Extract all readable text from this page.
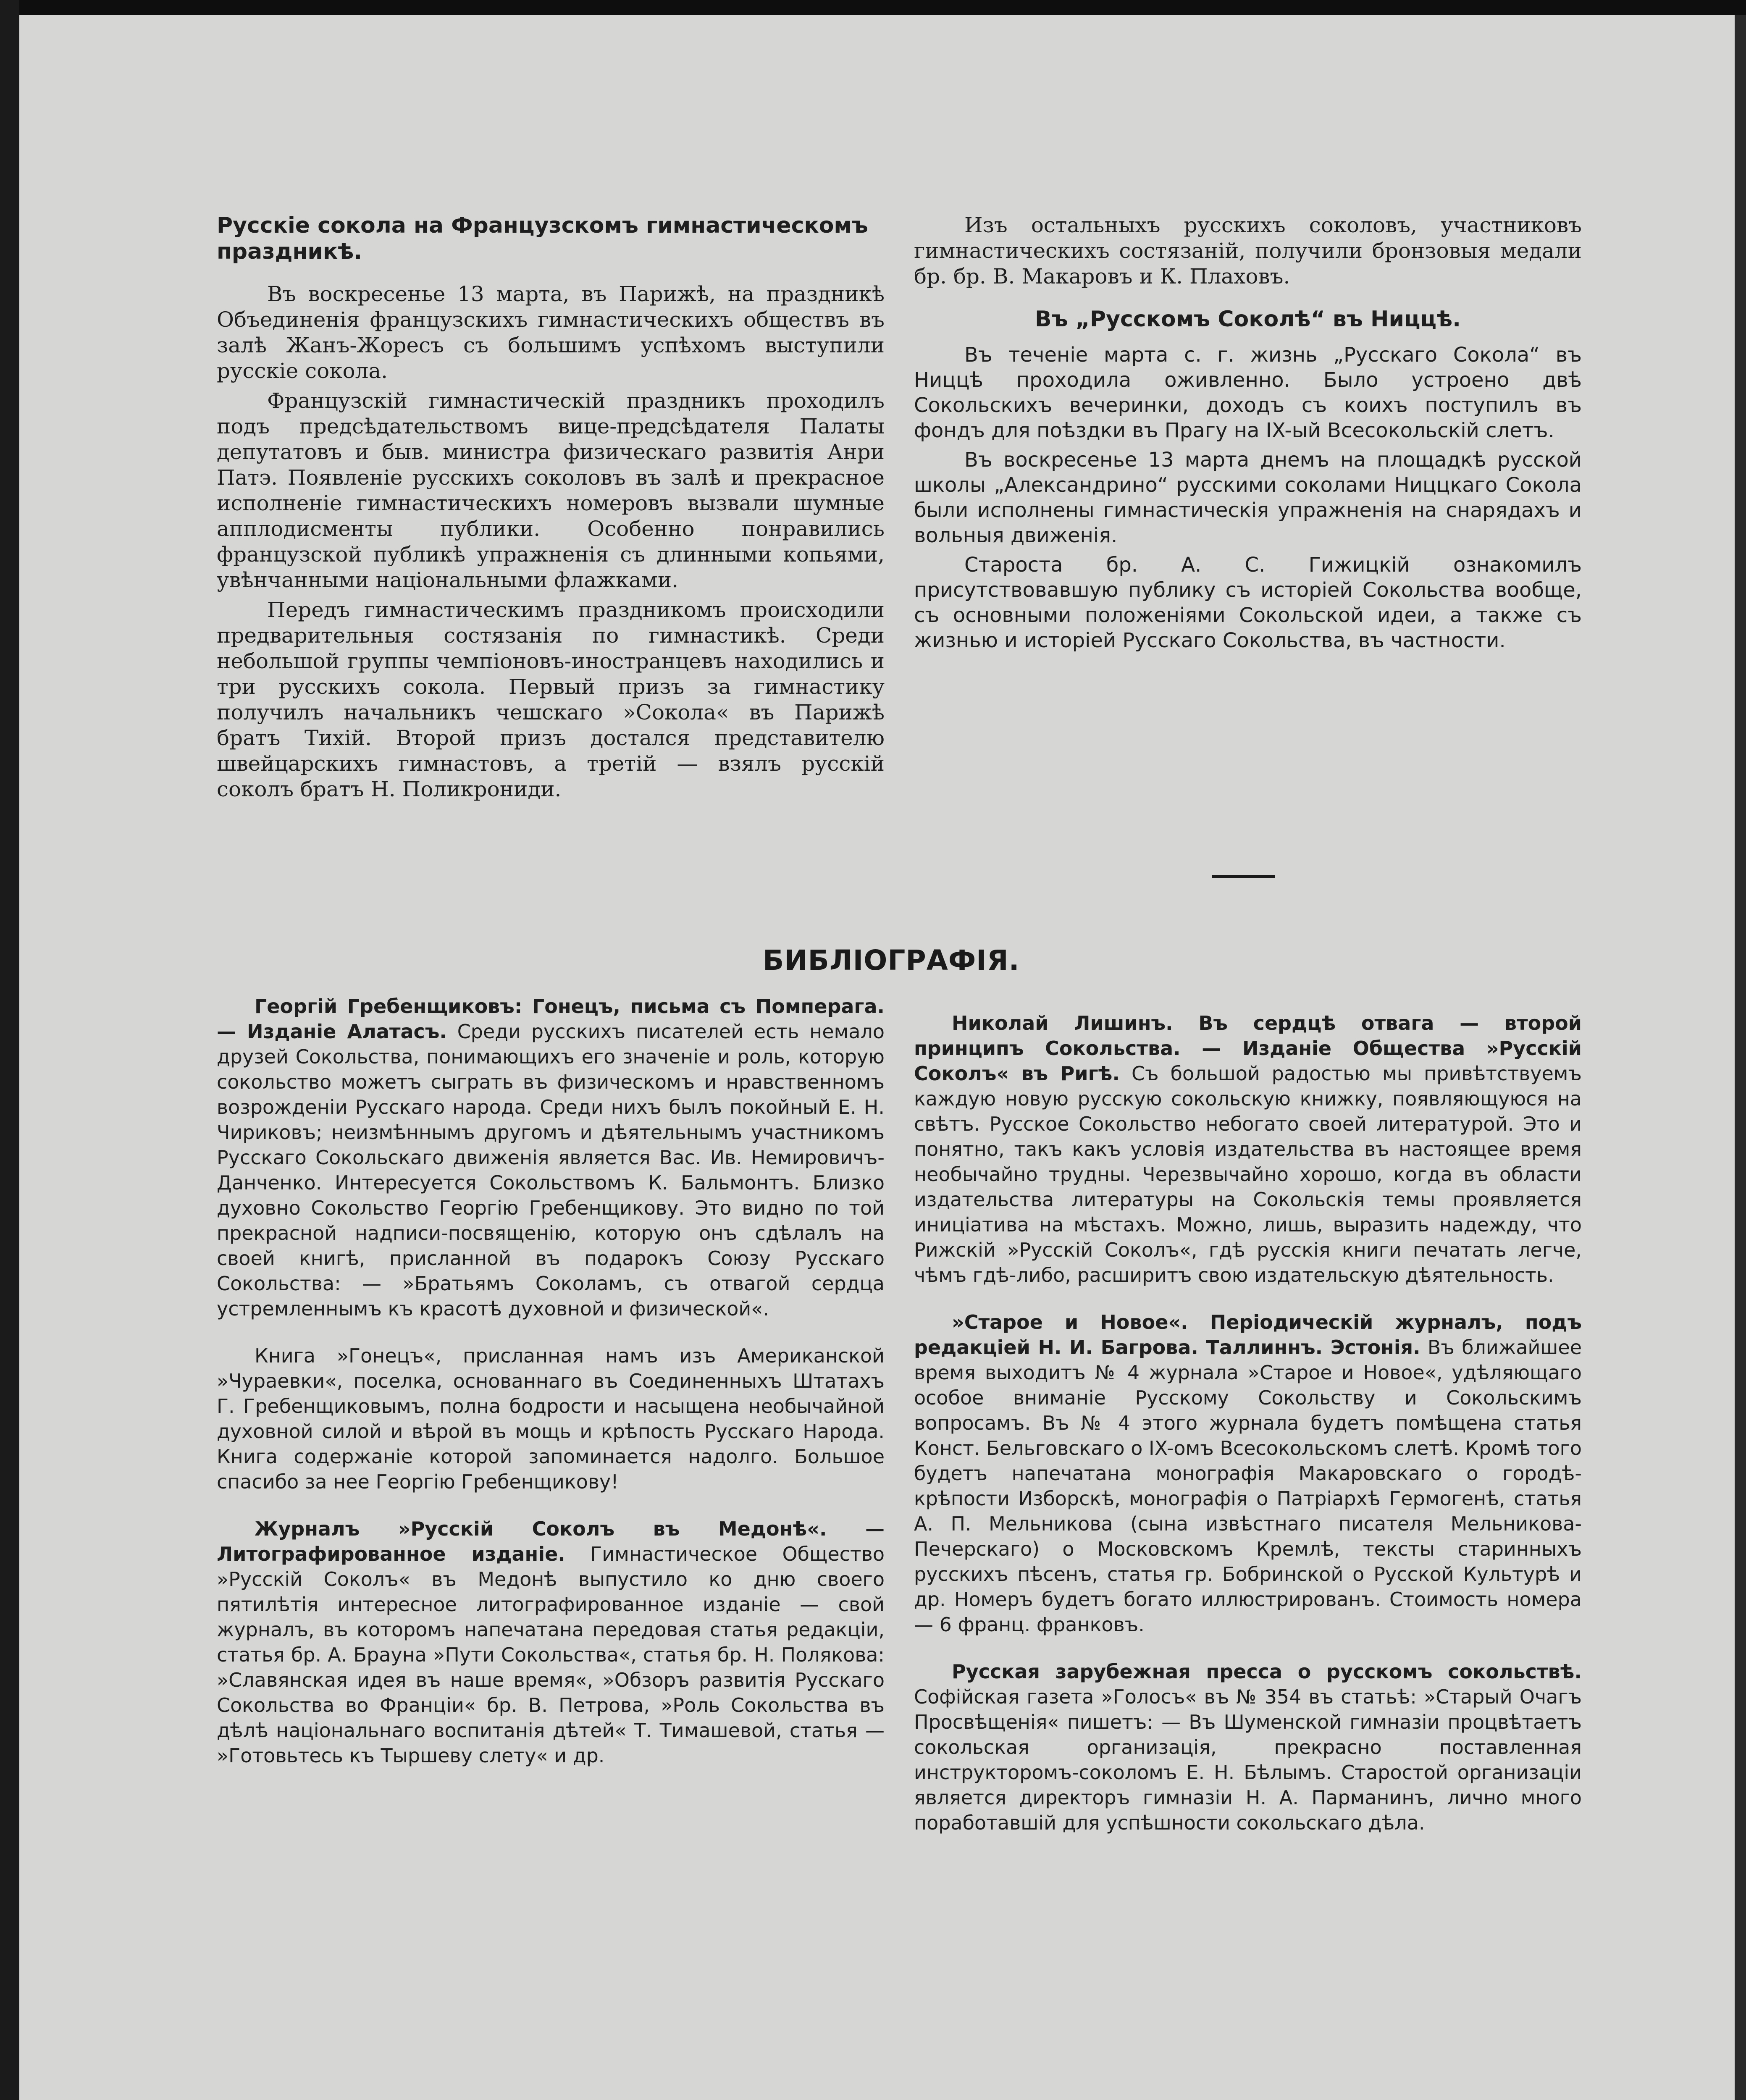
Русскіе сокола на Французскомъ гимнастическомъ праздникѣ.

Въ воскресенье 13 марта, въ Парижѣ, на праздникѣ Объединенія французскихъ гимнастическихъ обществъ въ залѣ Жанъ-Жоресъ съ большимъ успѣхомъ выступили русскіе сокола.

Французскій гимнастическій праздникъ проходилъ подъ предсѣдательствомъ вице-предсѣдателя Палаты депутатовъ и быв. министра физическаго развитія Анри Патэ. Появленіе русскихъ соколовъ въ залѣ и прекрасное исполненіе гимнастическихъ номеровъ вызвали шумные апплодисменты публики. Особенно понравились французской публикѣ упражненія съ длинными копьями, увѣнчанными національными флажками.

Передъ гимнастическимъ праздникомъ происходили предварительныя состязанія по гимнастикѣ. Среди небольшой группы чемпіоновъ-иностранцевъ находились и три русскихъ сокола. Первый призъ за гимнастику получилъ начальникъ чешскаго »Сокола« въ Парижѣ братъ Тихій. Второй призъ достался представителю швейцарскихъ гимнастовъ, а третій — взялъ русскій соколъ братъ Н. Поликрониди.

Изъ остальныхъ русскихъ соколовъ, участниковъ гимнастическихъ состязаній, получили бронзовыя медали бр. бр. В. Макаровъ и К. Плаховъ.

Въ „Русскомъ Соколѣ“ въ Ниццѣ.

Въ теченіе марта с. г. жизнь „Русскаго Сокола“ въ Ниццѣ проходила оживленно. Было устроено двѣ Сокольскихъ вечеринки, доходъ съ коихъ поступилъ въ фондъ для поѣздки въ Прагу на IX-ый Всесокольскій слетъ.

Въ воскресенье 13 марта днемъ на площадкѣ русской школы „Александрино“ русскими соколами Ниццкаго Сокола были исполнены гимнастическія упражненія на снарядахъ и вольныя движенія.

Староста бр. А. С. Гижицкій ознакомилъ присутствовавшую публику съ исторіей Сокольства вообще, съ основными положеніями Сокольской идеи, а также съ жизнью и исторіей Русскаго Сокольства, въ частности.

БИБЛІОГРАФІЯ.

Георгій Гребенщиковъ: Гонецъ, письма съ Помперага. — Изданіе Алатасъ. Среди русскихъ писателей есть немало друзей Сокольства, понимающихъ его значеніе и роль, которую сокольство можетъ сыграть въ физическомъ и нравственномъ возрожденіи Русскаго народа. Среди нихъ былъ покойный Е. Н. Чириковъ; неизмѣннымъ другомъ и дѣятельнымъ участникомъ Русскаго Сокольскаго движенія является Вас. Ив. Немировичъ-Данченко. Интересуется Сокольствомъ К. Бальмонтъ. Близко духовно Сокольство Георгію Гребенщикову. Это видно по той прекрасной надписи-посвященію, которую онъ сдѣлалъ на своей книгѣ, присланной въ подарокъ Союзу Русскаго Сокольства: — »Братьямъ Соколамъ, съ отвагой сердца устремленнымъ къ красотѣ духовной и физической«.

Книга »Гонецъ«, присланная намъ изъ Американской »Чураевки«, поселка, основаннаго въ Соединенныхъ Штатахъ Г. Гребенщиковымъ, полна бодрости и насыщена необычайной духовной силой и вѣрой въ мощь и крѣпость Русскаго Народа. Книга содержаніе которой запоминается надолго. Большое спасибо за нее Георгію Гребенщикову!

Журналъ »Русскій Соколъ въ Медонѣ«. — Литографированное изданіе. Гимнастическое Общество »Русскій Соколъ« въ Медонѣ выпустило ко дню своего пятилѣтія интересное литографированное изданіе — свой журналъ, въ которомъ напечатана передовая статья редакціи, статья бр. А. Брауна »Пути Сокольства«, статья бр. Н. Полякова: »Славянская идея въ наше время«, »Обзоръ развитія Русскаго Сокольства во Франціи« бр. В. Петрова, »Роль Сокольства въ дѣлѣ національнаго воспитанія дѣтей« Т. Тимашевой, статья — »Готовьтесь къ Тыршеву слету« и др.

Николай Лишинъ. Въ сердцѣ отвага — второй принципъ Сокольства. — Изданіе Общества »Русскій Соколъ« въ Ригѣ. Съ большой радостью мы привѣтствуемъ каждую новую русскую сокольскую книжку, появляющуюся на свѣтъ. Русское Сокольство небогато своей литературой. Это и понятно, такъ какъ условія издательства въ настоящее время необычайно трудны. Черезвычайно хорошо, когда въ области издательства литературы на Сокольскія темы проявляется иниціатива на мѣстахъ. Можно, лишь, выразить надежду, что Рижскій »Русскій Соколъ«, гдѣ русскія книги печатать легче, чѣмъ гдѣ-либо, расширитъ свою издательскую дѣятельность.

»Старое и Новое«. Періодическій журналъ, подъ редакціей Н. И. Багрова. Таллиннъ. Эстонія. Въ ближайшее время выходитъ № 4 журнала »Старое и Новое«, удѣляющаго особое вниманіе Русскому Сокольству и Сокольскимъ вопросамъ. Въ № 4 этого журнала будетъ помѣщена статья Конст. Бельговскаго о IX-омъ Всесокольскомъ слетѣ. Кромѣ того будетъ напечатана монографія Макаровскаго о городѣ-крѣпости Изборскѣ, монографія о Патріархѣ Гермогенѣ, статья А. П. Мельникова (сына извѣстнаго писателя Мельникова-Печерскаго) о Московскомъ Кремлѣ, тексты старинныхъ русскихъ пѣсенъ, статья гр. Бобринской о Русской Культурѣ и др. Номеръ будетъ богато иллюстрированъ. Стоимость номера — 6 франц. франковъ.

Русская зарубежная пресса о русскомъ сокольствѣ. Софійская газета »Голосъ« въ № 354 въ статьѣ: »Старый Очагъ Просвѣщенія« пишетъ: — Въ Шуменской гимназіи процвѣтаетъ сокольская организація, прекрасно поставленная инструкторомъ-соколомъ Е. Н. Бѣлымъ. Старостой организаціи является директоръ гимназіи Н. А. Парманинъ, лично много поработавшій для успѣшности сокольскаго дѣла.
